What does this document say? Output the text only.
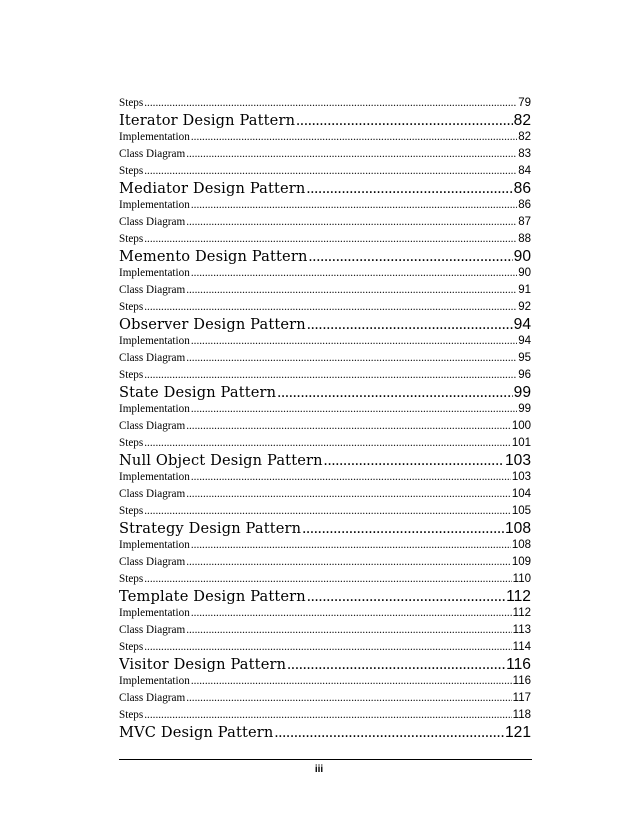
Steps .....	79
Iterator Design Pattern .....	82
Implementation .....	82
Class Diagram .....	83
Steps .....	84
Mediator Design Pattern .....	86
Implementation .....	86
Class Diagram .....	87
Steps .....	88
Memento Design Pattern .....	90
Implementation .....	90
Class Diagram .....	91
Steps .....	92
Observer Design Pattern .....	94
Implementation .....	94
Class Diagram .....	95
Steps .....	96
State Design Pattern .....	99
Implementation .....	99
Class Diagram .....	100
Steps .....	101
Null Object Design Pattern .....	103
Implementation .....	103
Class Diagram .....	104
Steps .....	105
Strategy Design Pattern .....	108
Implementation .....	108
Class Diagram .....	109
Steps .....	110
Template Design Pattern .....	112
Implementation .....	112
Class Diagram .....	113
Steps .....	114
Visitor Design Pattern .....	116
Implementation .....	116
Class Diagram .....	117
Steps .....	118
MVC Design Pattern .....	121
iii
